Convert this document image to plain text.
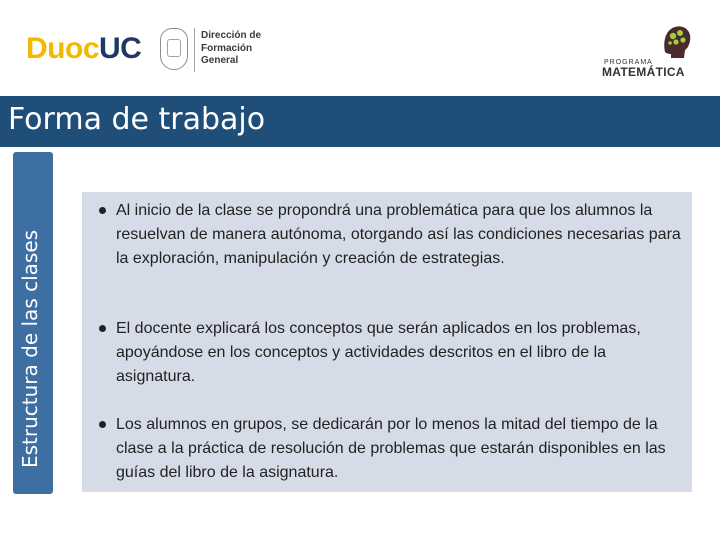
DuocUC	Dirección de
Formación
General	PROGRAMA
MATEMÁTICA
Forma de trabajo
Estructura de las clases
Al inicio de la clase se propondrá una problemática para que los alumnos la resuelvan de manera autónoma, otorgando así las condiciones necesarias para la exploración, manipulación y creación de estrategias.
El docente explicará los conceptos que serán aplicados en los problemas, apoyándose en los conceptos y actividades descritos en el libro de la asignatura.
Los alumnos en grupos, se dedicarán por lo menos la mitad del tiempo de la clase a la práctica de resolución de problemas que estarán disponibles en las guías del libro de la asignatura.
